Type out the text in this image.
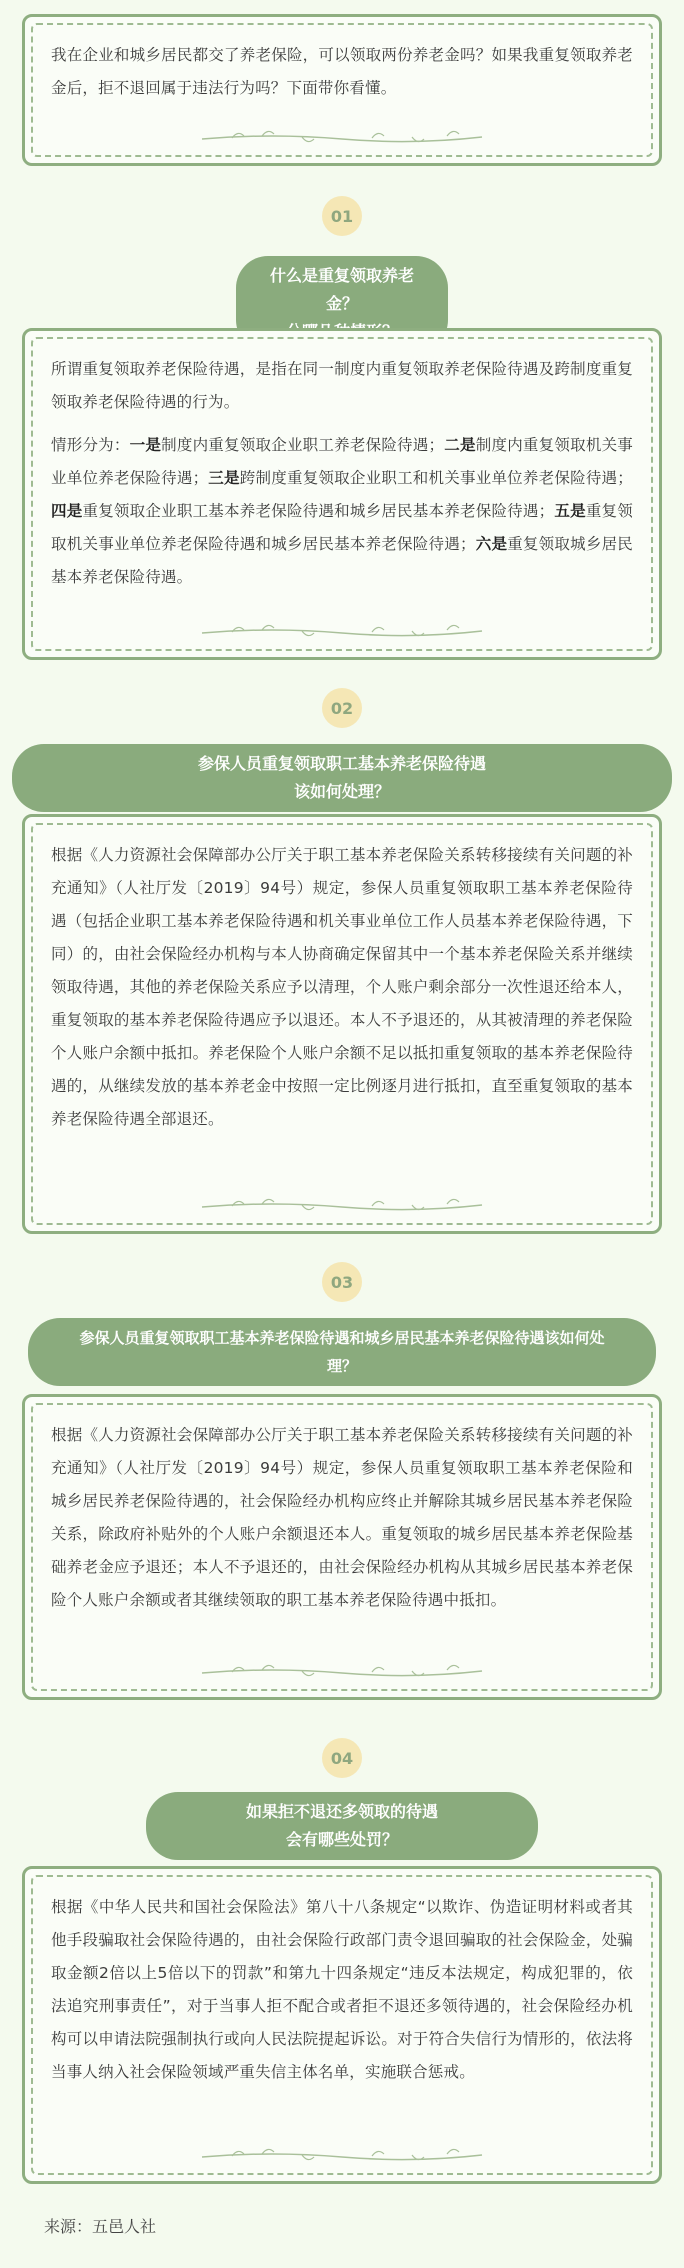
我在企业和城乡居民都交了养老保险，可以领取两份养老金吗？如果我重复领取养老金后，拒不退回属于违法行为吗？下面带你看懂。

01
什么是重复领取养老金？

所谓重复领取养老保险待遇，是指在同一制度内重复领取养老保险待遇及跨制度重复领取养老保险待遇的行为。

情形分为：一是制度内重复领取企业职工养老保险待遇；二是制度内重复领取机关事业单位养老保险待遇；三是跨制度重复领取企业职工和机关事业单位养老保险待遇；四是重复领取企业职工基本养老保险待遇和城乡居民基本养老保险待遇；五是重复领取机关事业单位养老保险待遇和城乡居民基本养老保险待遇；六是重复领取城乡居民基本养老保险待遇。

02
参保人员重复领取职工基本养老保险待遇
该如何处理？

根据《人力资源社会保障部办公厅关于职工基本养老保险关系转移接续有关问题的补充通知》（人社厅发〔2019〕94号）规定，参保人员重复领取职工基本养老保险待遇（包括企业职工基本养老保险待遇和机关事业单位工作人员基本养老保险待遇，下同）的，由社会保险经办机构与本人协商确定保留其中一个基本养老保险关系并继续领取待遇，其他的养老保险关系应予以清理，个人账户剩余部分一次性退还给本人，重复领取的基本养老保险待遇应予以退还。本人不予退还的，从其被清理的养老保险个人账户余额中抵扣。养老保险个人账户余额不足以抵扣重复领取的基本养老保险待遇的，从继续发放的基本养老金中按照一定比例逐月进行抵扣，直至重复领取的基本养老保险待遇全部退还。

03
参保人员重复领取职工基本养老保险待遇和城乡居民基本养老保险待遇该如何处
理？

根据《人力资源社会保障部办公厅关于职工基本养老保险关系转移接续有关问题的补充通知》（人社厅发〔2019〕94号）规定，参保人员重复领取职工基本养老保险和城乡居民养老保险待遇的，社会保险经办机构应终止并解除其城乡居民基本养老保险关系，除政府补贴外的个人账户余额退还本人。重复领取的城乡居民基本养老保险基础养老金应予退还；本人不予退还的，由社会保险经办机构从其城乡居民基本养老保险个人账户余额或者其继续领取的职工基本养老保险待遇中抵扣。

04
如果拒不退还多领取的待遇
会有哪些处罚？

根据《中华人民共和国社会保险法》第八十八条规定“以欺诈、伪造证明材料或者其他手段骗取社会保险待遇的，由社会保险行政部门责令退回骗取的社会保险金，处骗取金额2倍以上5倍以下的罚款”和第九十四条规定“违反本法规定，构成犯罪的，依法追究刑事责任”，对于当事人拒不配合或者拒不退还多领待遇的，社会保险经办机构可以申请法院强制执行或向人民法院提起诉讼。对于符合失信行为情形的，依法将当事人纳入社会保险领域严重失信主体名单，实施联合惩戒。

来源：五邑人社
